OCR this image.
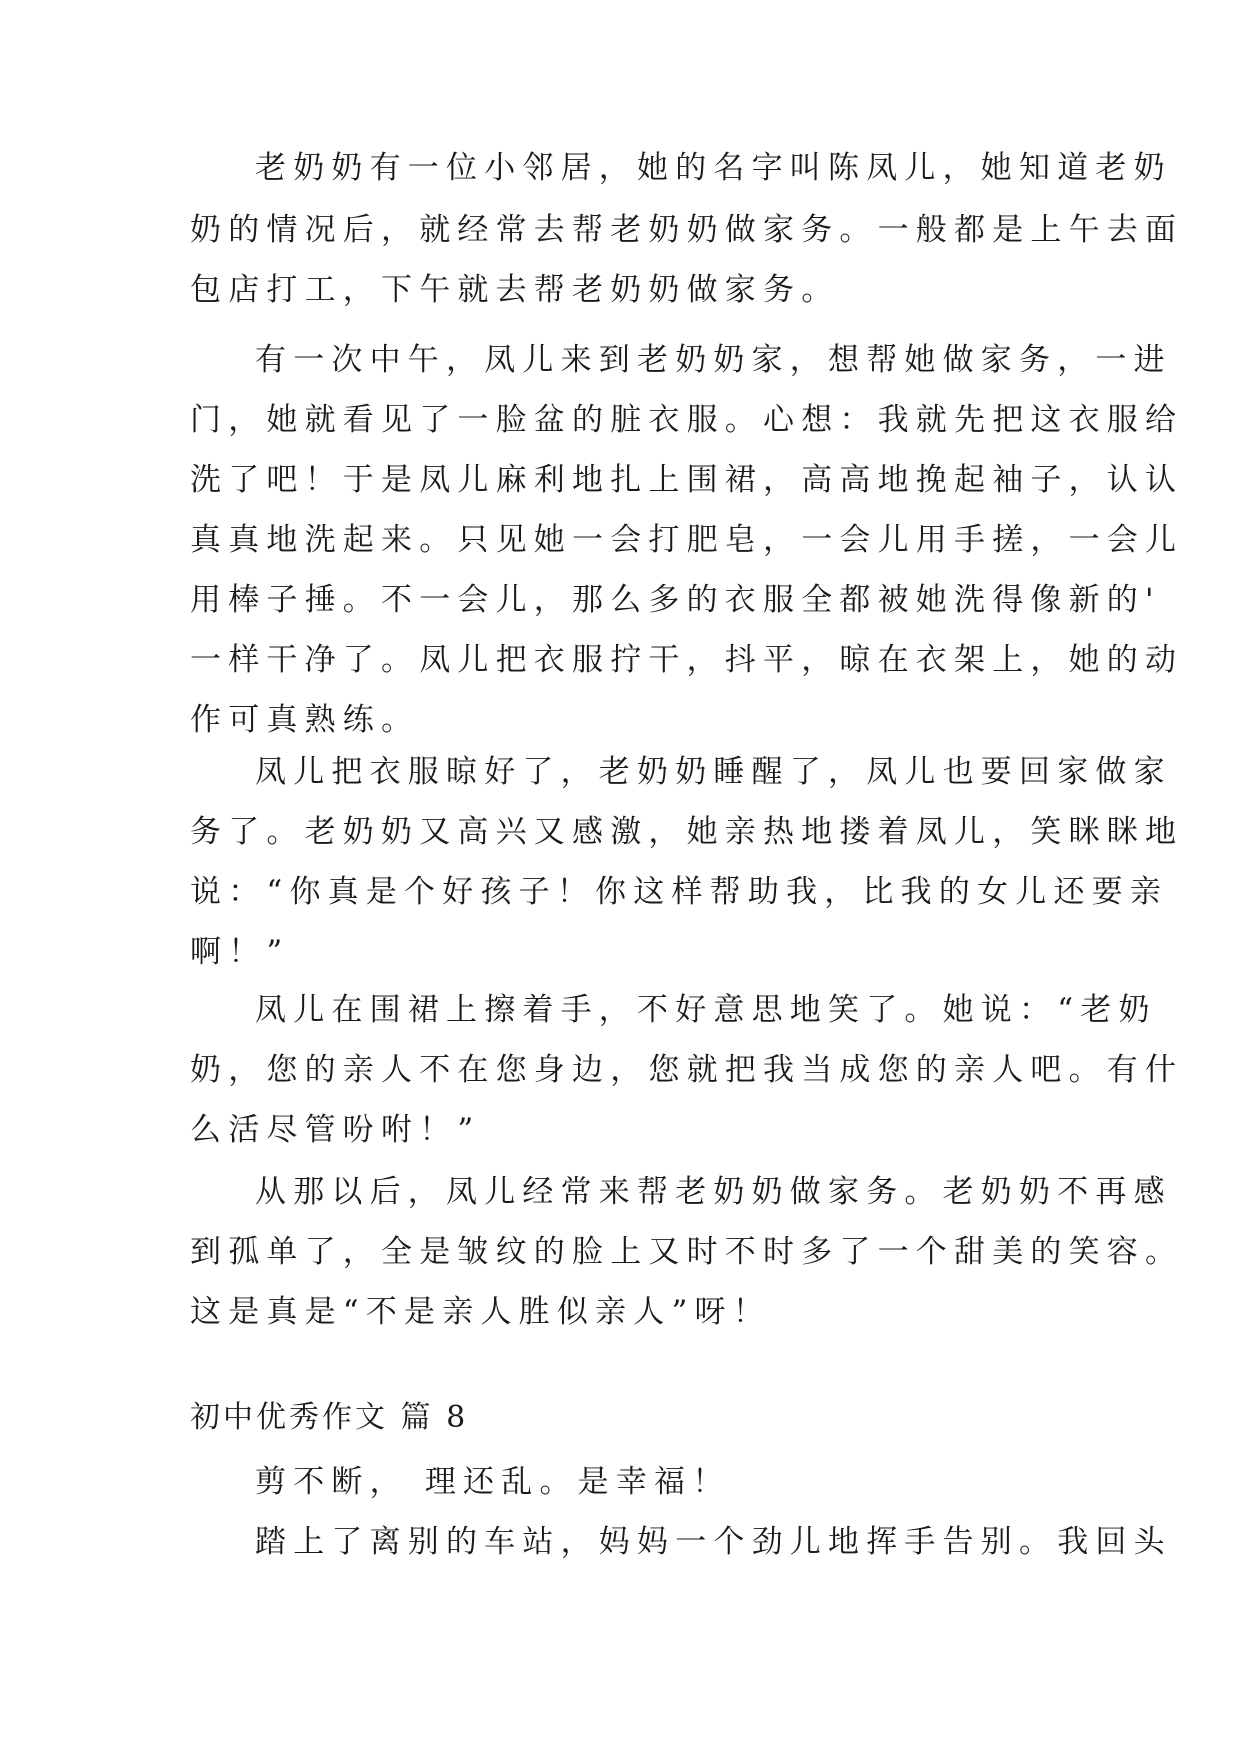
老奶奶有一位小邻居，她的名字叫陈凤儿，她知道老奶
奶的情况后，就经常去帮老奶奶做家务。一般都是上午去面
包店打工，下午就去帮老奶奶做家务。
有一次中午，凤儿来到老奶奶家，想帮她做家务，一进
门，她就看见了一脸盆的脏衣服。心想：我就先把这衣服给
洗了吧！于是凤儿麻利地扎上围裙，高高地挽起袖子，认认
真真地洗起来。只见她一会打肥皂，一会儿用手搓，一会儿
用棒子捶。不一会儿，那么多的衣服全都被她洗得像新的'
一样干净了。凤儿把衣服拧干，抖平，晾在衣架上，她的动
作可真熟练。
凤儿把衣服晾好了，老奶奶睡醒了，凤儿也要回家做家
务了。老奶奶又高兴又感激，她亲热地搂着凤儿，笑眯眯地
说：“你真是个好孩子！你这样帮助我，比我的女儿还要亲
啊！”
凤儿在围裙上擦着手，不好意思地笑了。她说：“老奶
奶，您的亲人不在您身边，您就把我当成您的亲人吧。有什
么活尽管吩咐！”
从那以后，凤儿经常来帮老奶奶做家务。老奶奶不再感
到孤单了，全是皱纹的脸上又时不时多了一个甜美的笑容。
这是真是“不是亲人胜似亲人”呀！
初中优秀作文 篇 8
剪不断， 理还乱。是幸福！
踏上了离别的车站，妈妈一个劲儿地挥手告别。我回头
